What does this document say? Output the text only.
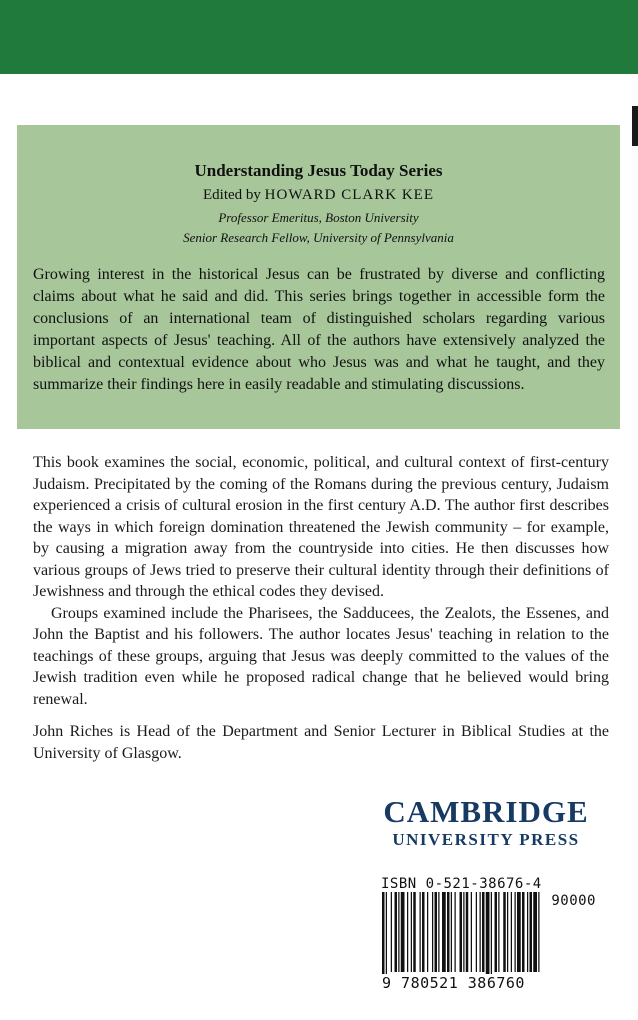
Understanding Jesus Today Series
Edited by HOWARD CLARK KEE
Professor Emeritus, Boston University
Senior Research Fellow, University of Pennsylvania
Growing interest in the historical Jesus can be frustrated by diverse and conflicting claims about what he said and did. This series brings together in accessible form the conclusions of an international team of distinguished scholars regarding various important aspects of Jesus' teaching. All of the authors have extensively analyzed the biblical and contextual evidence about who Jesus was and what he taught, and they summarize their findings here in easily readable and stimulating discussions.

This book examines the social, economic, political, and cultural context of first-century Judaism. Precipitated by the coming of the Romans during the previous century, Judaism experienced a crisis of cultural erosion in the first century A.D. The author first describes the ways in which foreign domination threatened the Jewish community – for example, by causing a migration away from the countryside into cities. He then discusses how various groups of Jews tried to preserve their cultural identity through their definitions of Jewishness and through the ethical codes they devised.

Groups examined include the Pharisees, the Sadducees, the Zealots, the Essenes, and John the Baptist and his followers. The author locates Jesus' teaching in relation to the teachings of these groups, arguing that Jesus was deeply committed to the values of the Jewish tradition even while he proposed radical change that he believed would bring renewal.

John Riches is Head of the Department and Senior Lecturer in Biblical Studies at the University of Glasgow.
CAMBRIDGE
UNIVERSITY PRESS
ISBN 0-521-38676-4
90000
9 780521 386760
